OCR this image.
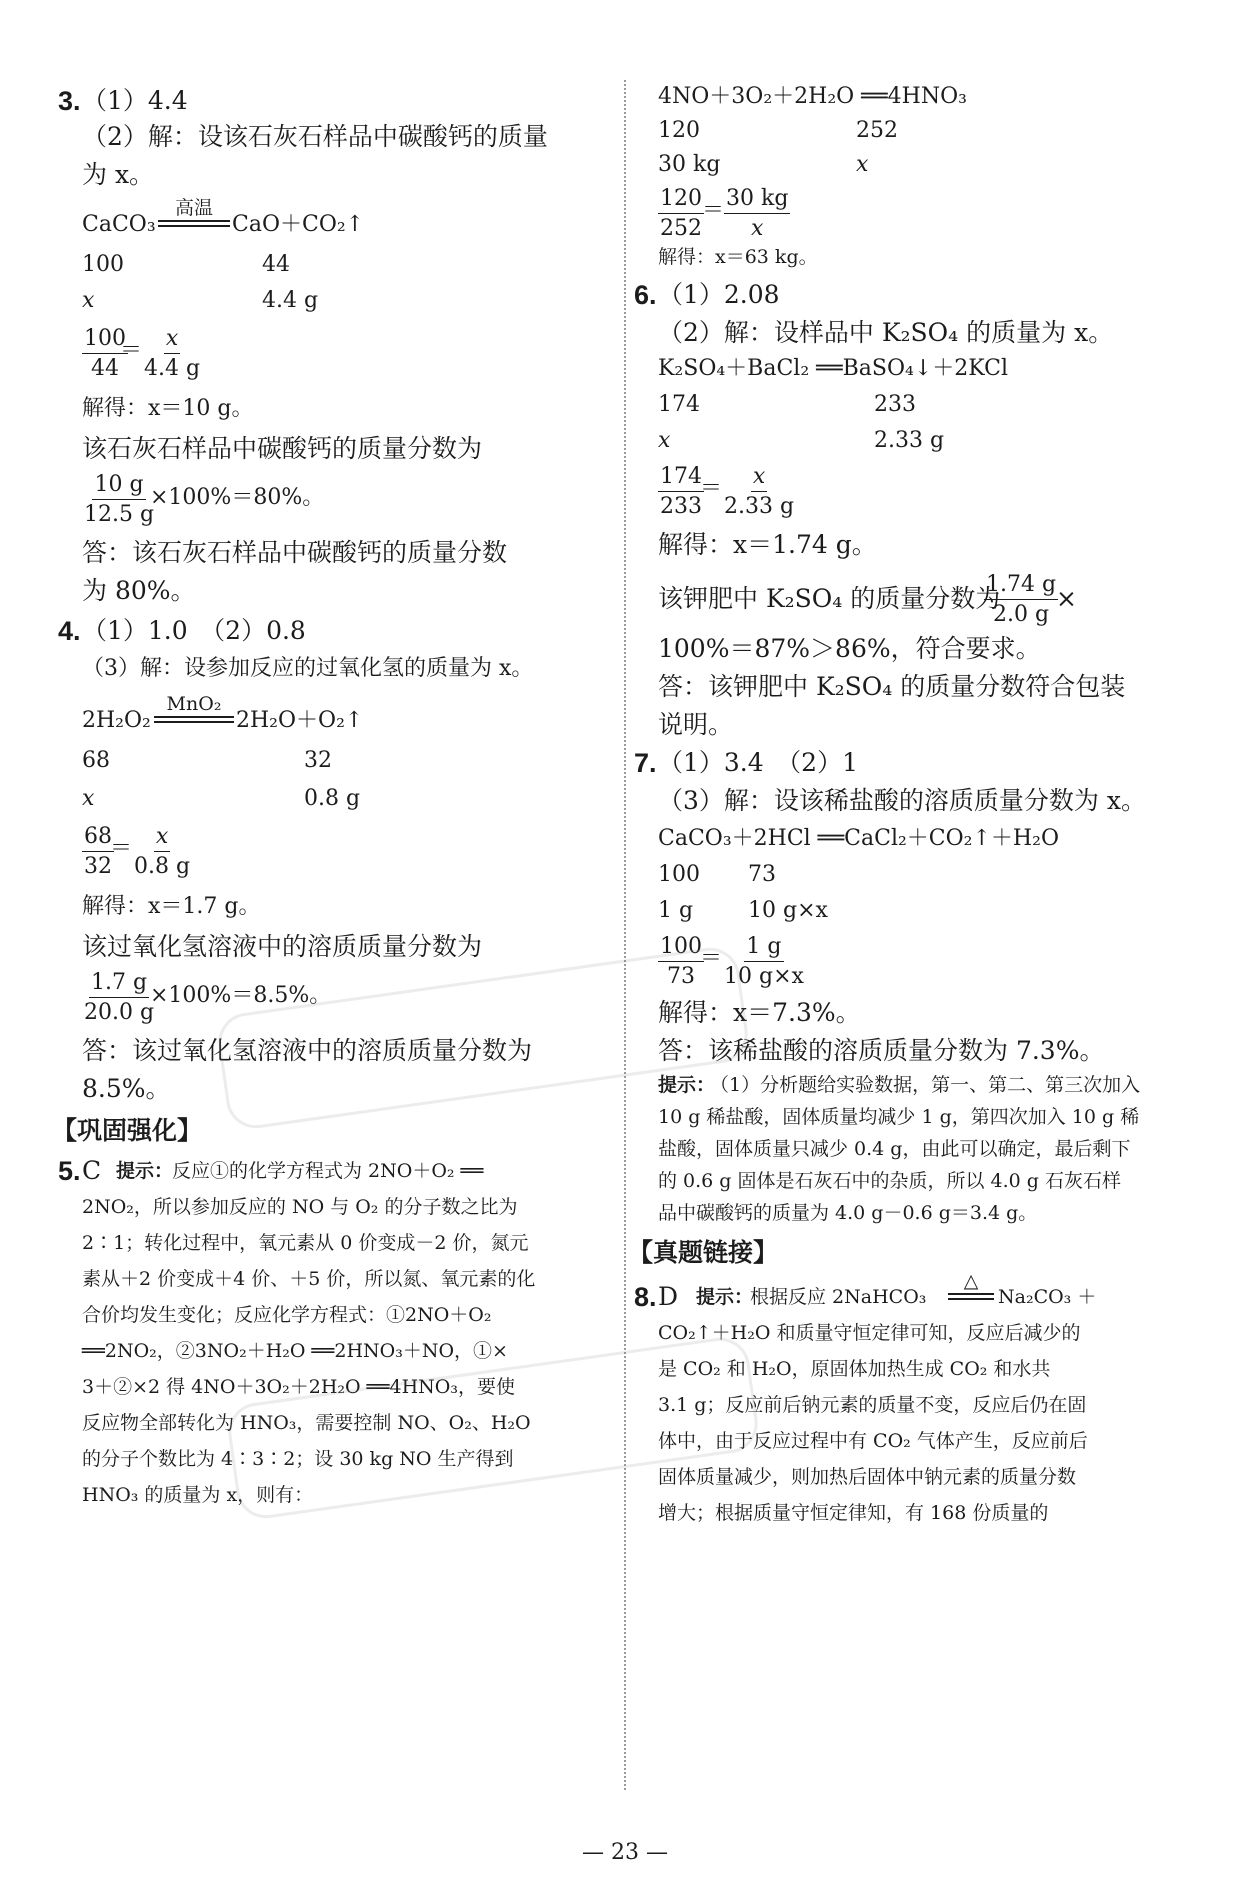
3. （1）4.4
（2）解：设该石灰石样品中碳酸钙的质量
为 x。
CaCO₃
高温
CaO＋CO₂↑
100	44
x	4.4 g
$\frac{100}{44}$
＝ $\frac{x}{4.4 g}$
解得：x＝10 g。
该石灰石样品中碳酸钙的质量分数为
$\frac{10 g}{12.5 g}$
×100%＝80%。
答：该石灰石样品中碳酸钙的质量分数
为 80%。
4. （1）1.0　（2）0.8
（3）解：设参加反应的过氧化氢的质量为 x。
2H₂O₂
MnO₂
2H₂O＋O₂↑
68	32
x	0.8 g
$\frac{68}{32}$
＝ $\frac{x}{0.8 g}$
解得：x＝1.7 g。
该过氧化氢溶液中的溶质质量分数为
$\frac{1.7 g}{20.0 g}$
×100%＝8.5%。
答：该过氧化氢溶液中的溶质质量分数为
8.5%。
【巩固强化】
5. C 提示：
反应①的化学方程式为 2NO＋O₂ ══
2NO₂，所以参加反应的 NO 与 O₂ 的分子数之比为
2∶1；转化过程中，氧元素从 0 价变成－2 价，氮元
素从＋2 价变成＋4 价、＋5 价，所以氮、氧元素的化
合价均发生变化；反应化学方程式：①2NO＋O₂
══2NO₂，②3NO₂＋H₂O ══2HNO₃＋NO，①×
3＋②×2 得 4NO＋3O₂＋2H₂O ══4HNO₃，要使
反应物全部转化为 HNO₃，需要控制 NO、O₂、H₂O
的分子个数比为 4∶3∶2；设 30 kg NO 生产得到
HNO₃ 的质量为 x，则有：
4NO＋3O₂＋2H₂O ══4HNO₃
120	252
30 kg	x
$\frac{120}{252}$
＝ $\frac{30 kg}{x}$
解得：x＝63 kg。
6. （1）2.08
（2）解：设样品中 K₂SO₄ 的质量为 x。
K₂SO₄＋BaCl₂ ══BaSO₄↓＋2KCl
174	233
x	2.33 g
$\frac{174}{233}$
＝ $\frac{x}{2.33 g}$
解得：x＝1.74 g。
该钾肥中 K₂SO₄ 的质量分数为
$\frac{1.74 g}{2.0 g}$
×
100%＝87%＞86%，符合要求。
答：该钾肥中 K₂SO₄ 的质量分数符合包装
说明。
7. （1）3.4　（2）1
（3）解：设该稀盐酸的溶质质量分数为 x。
CaCO₃＋2HCl ══CaCl₂＋CO₂↑＋H₂O
100 73
1 g 10 g×x
$\frac{100}{73}$
＝ $\frac{1 g}{10 g\times x}$
解得：x＝7.3%。
答：该稀盐酸的溶质质量分数为 7.3%。
提示：
（1）分析题给实验数据，第一、第二、第三次加入
10 g 稀盐酸，固体质量均减少 1 g，第四次加入 10 g 稀
盐酸，固体质量只减少 0.4 g，由此可以确定，最后剩下
的 0.6 g 固体是石灰石中的杂质，所以 4.0 g 石灰石样
品中碳酸钙的质量为 4.0 g－0.6 g＝3.4 g。
【真题链接】
8. D 提示：
根据反应 2NaHCO₃
△
Na₂CO₃ ＋
CO₂↑＋H₂O 和质量守恒定律可知，反应后减少的
是 CO₂ 和 H₂O，原固体加热生成 CO₂ 和水共
3.1 g；反应前后钠元素的质量不变，反应后仍在固
体中，由于反应过程中有 CO₂ 气体产生，反应前后
固体质量减少，则加热后固体中钠元素的质量分数
增大；根据质量守恒定律知，有 168 份质量的
— 23 —
